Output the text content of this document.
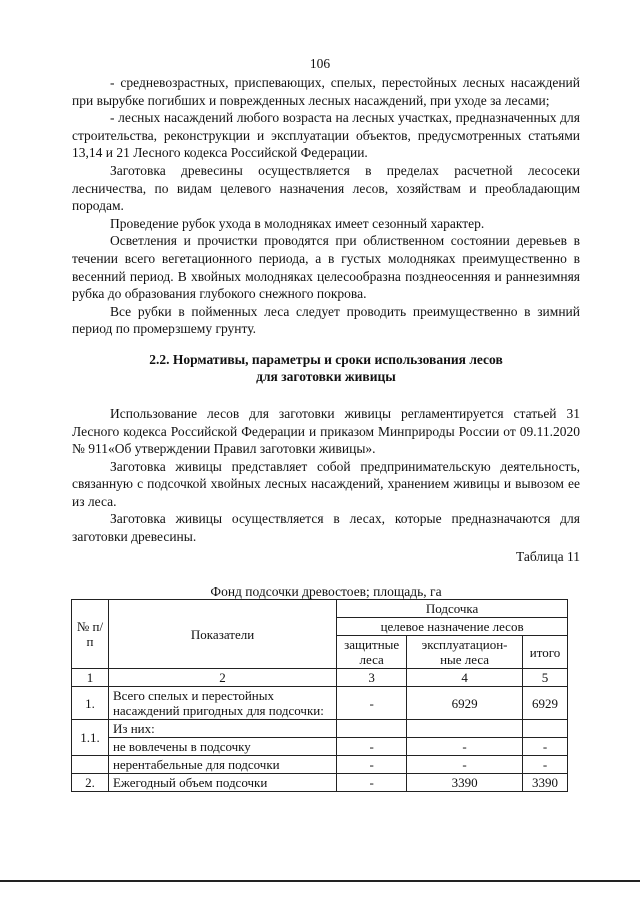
106

- средневозрастных, приспевающих, спелых, перестойных лесных насаждений при вырубке погибших и поврежденных лесных насаждений, при уходе за лесами;

- лесных насаждений любого возраста на лесных участках, предназначенных для строительства, реконструкции и эксплуатации объектов, предусмотренных статьями 13,14 и 21 Лесного кодекса Российской Федерации.

Заготовка древесины осуществляется в пределах расчетной лесосеки лесничества, по видам целевого назначения лесов, хозяйствам и преобладающим породам.

Проведение рубок ухода в молодняках имеет сезонный характер.

Осветления и прочистки проводятся при облиственном состоянии деревьев в течении всего вегетационного периода, а в густых молодняках преимущественно в весенний период. В хвойных молодняках целесообразна позднеосенняя и раннезимняя рубка до образования глубокого снежного покрова.

Все рубки в пойменных леса следует проводить преимущественно в зимний период по промерзшему грунту.

2.2. Нормативы, параметры и сроки использования лесов
для заготовки живицы

Использование лесов для заготовки живицы регламентируется статьей 31 Лесного кодекса Российской Федерации и приказом Минприроды России от 09.11.2020 № 911«Об утверждении Правил заготовки живицы».

Заготовка живицы представляет собой предпринимательскую деятельность, связанную с подсочкой хвойных лесных насаждений, хранением живицы и вывозом ее из леса.

Заготовка живицы осуществляется в лесах, которые предназначаются для заготовки древесины.

Таблица 11

Фонд подсочки древостоев; площадь, га

№ п/п	Показатели	Подсочка		
		целевое назначение лесов		
		защитные леса	эксплуатацион-ные леса	итого
1	2	3	4	5
1.	Всего спелых и перестойных насаждений пригодных для подсочки:	-	6929	6929
1.1.	Из них:			
	не вовлечены в подсочку	-	-	-
	нерентабельные для подсочки	-	-	-
2.	Ежегодный объем подсочки	-	3390	3390
